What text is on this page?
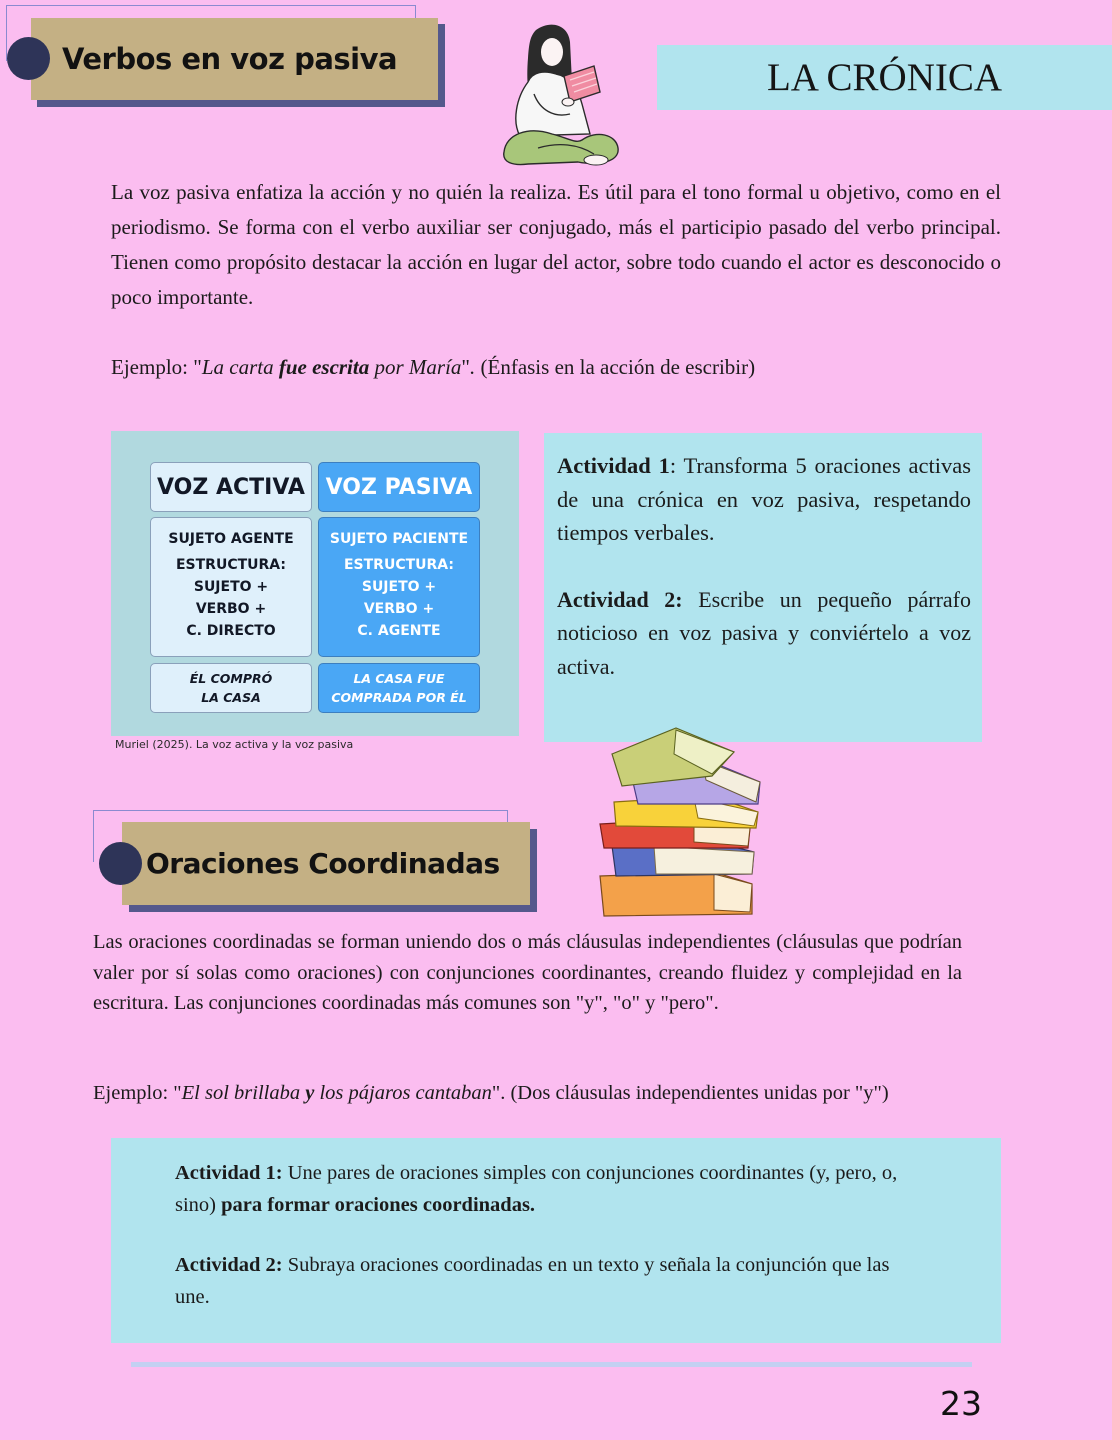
Verbos en voz pasiva	LA CRÓNICA

La voz pasiva enfatiza la acción y no quién la realiza. Es útil para el tono formal u objetivo, como en el periodismo. Se forma con el verbo auxiliar ser conjugado, más el participio pasado del verbo principal. Tienen como propósito destacar la acción en lugar del actor, sobre todo cuando el actor es desconocido o poco importante.

Ejemplo: "La carta fue escrita por María". (Énfasis en la acción de escribir)
VOZ ACTIVA VOZ PASIVA
SUJETO AGENTE
ESTRUCTURA:
SUJETO +
VERBO +
C. DIRECTO
SUJETO PACIENTE
ESTRUCTURA:
SUJETO +
VERBO +
C. AGENTE
ÉL COMPRÓ
LA CASA
LA CASA FUE
COMPRADA POR ÉL
Muriel (2025). La voz activa y la voz pasiva

Actividad 1: Transforma 5 oraciones activas de una crónica en voz pasiva, respetando tiempos verbales.

Actividad 2: Escribe un pequeño párrafo noticioso en voz pasiva y conviértelo a voz activa.

Oraciones Coordinadas

Las oraciones coordinadas se forman uniendo dos o más cláusulas independientes (cláusulas que podrían valer por sí solas como oraciones) con conjunciones coordinantes, creando fluidez y complejidad en la escritura. Las conjunciones coordinadas más comunes son "y", "o" y "pero".

Ejemplo: "El sol brillaba y los pájaros cantaban". (Dos cláusulas independientes unidas por "y")

Actividad 1: Une pares de oraciones simples con conjunciones coordinantes (y, pero, o, sino) para formar oraciones coordinadas.

Actividad 2: Subraya oraciones coordinadas en un texto y señala la conjunción que las une.

23
